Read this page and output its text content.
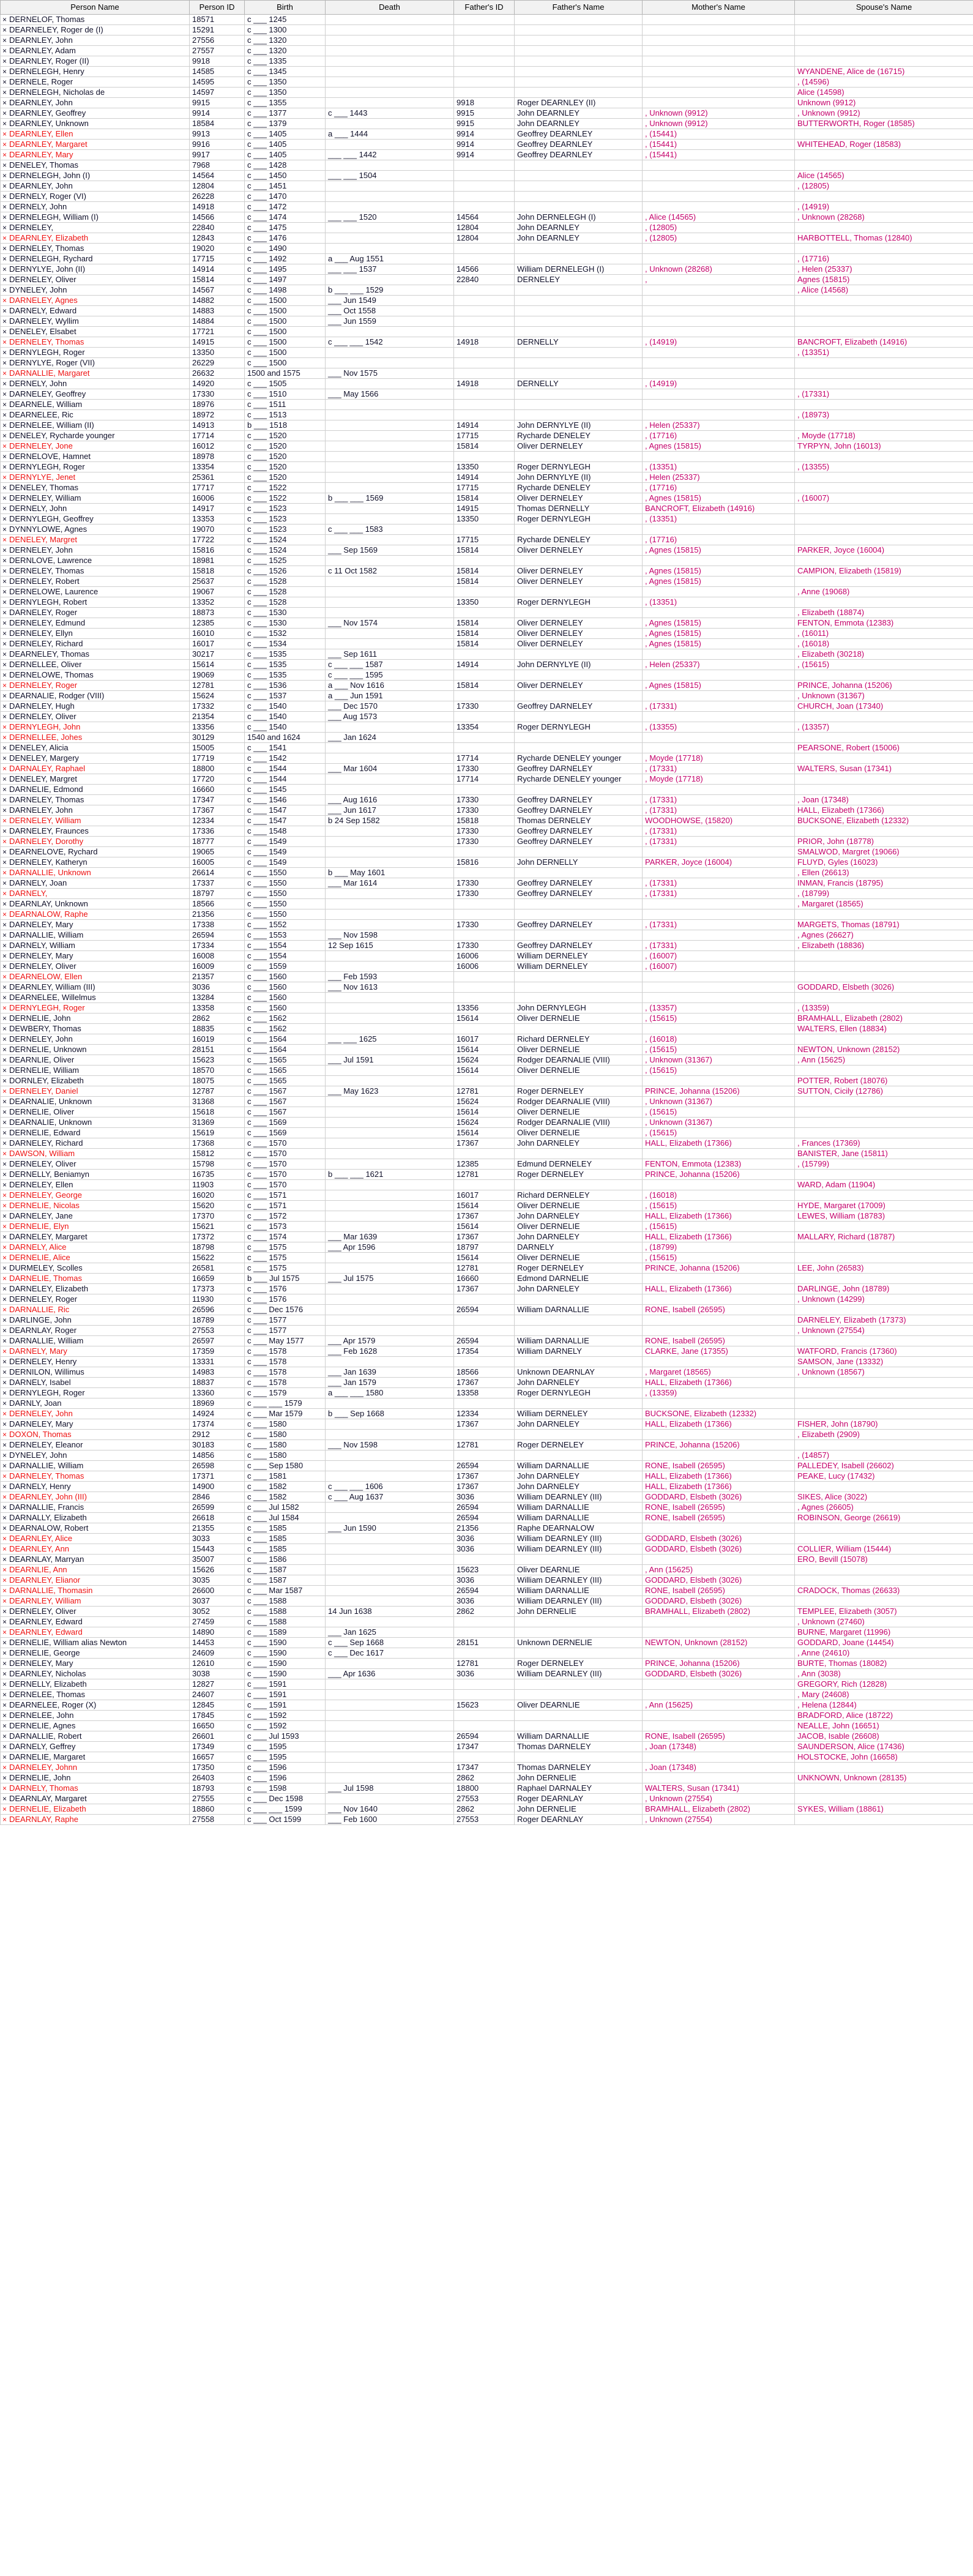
Person Name	Person ID	Birth	Death	Father's ID	Father's Name	Mother's Name	Spouse's Name

× DERNELOF, Thomas	18571	c ___ 1245					

× DEARNELEY, Roger de (I)	15291	c ___ 1300					

× DEARNLEY, John	27556	c ___ 1320					

× DEARNLEY, Adam	27557	c ___ 1320					

× DEARNLEY, Roger (II)	9918	c ___ 1335					

× DERNELEGH, Henry	14585	c ___ 1345					WYANDENE, Alice de (16715)

× DERNELE, Roger	14595	c ___ 1350					, (14596)

× DERNELEGH, Nicholas de	14597	c ___ 1350					Alice (14598)

× DEARNLEY, John	9915	c ___ 1355		9918	Roger DEARNLEY (II)		Unknown (9912)

× DEARNLEY, Geoffrey	9914	c ___ 1377	c ___ 1443	9915	John DEARNLEY	, Unknown (9912)	, Unknown (9912)

× DEARNLEY, Unknown	18584	c ___ 1379		9915	John DEARNLEY	, Unknown (9912)	BUTTERWORTH, Roger (18585)

× DEARNLEY, Ellen	9913	c ___ 1405	a ___ 1444	9914	Geoffrey DEARNLEY	, (15441)	

× DEARNLEY, Margaret	9916	c ___ 1405		9914	Geoffrey DEARNLEY	, (15441)	WHITEHEAD, Roger (18583)

× DEARNLEY, Mary	9917	c ___ 1405	___ ___ 1442	9914	Geoffrey DEARNLEY	, (15441)	

× DENELEY, Thomas	7968	c ___ 1428					

× DERNELEGH, John (I)	14564	c ___ 1450	___ ___ 1504				Alice (14565)

× DEARNLEY, John	12804	c ___ 1451					, (12805)

× DERNELY, Roger (VI)	26228	c ___ 1470					

× DERNELY, John	14918	c ___ 1472					, (14919)

× DERNELEGH, William (I)	14566	c ___ 1474	___ ___ 1520	14564	John DERNELEGH (I)	, Alice (14565)	, Unknown (28268)

× DERNELEY,	22840	c ___ 1475		12804	John DEARNLEY	, (12805)	

× DEARNLEY, Elizabeth	12843	c ___ 1476		12804	John DEARNLEY	, (12805)	HARBOTTELL, Thomas (12840)

× DERNELEY, Thomas	19020	c ___ 1490					

× DERNELEGH, Rychard	17715	c ___ 1492	a ___ Aug 1551				, (17716)

× DERNYLYE, John (II)	14914	c ___ 1495	___ ___ 1537	14566	William DERNELEGH (I)	, Unknown (28268)	, Helen (25337)

× DERNELEY, Oliver	15814	c ___ 1497		22840	DERNELEY	,	Agnes (15815)

× DYNELEY, John	14567	c ___ 1498	b ___ ___ 1529				, Alice (14568)

× DARNELEY, Agnes	14882	c ___ 1500	___ Jun 1549				

× DARNELY, Edward	14883	c ___ 1500	___ Oct 1558				

× DARNELEY, Wyllim	14884	c ___ 1500	___ Jun 1559				

× DENELEY, Elsabet	17721	c ___ 1500					

× DERNELEY, Thomas	14915	c ___ 1500	c ___ ___ 1542	14918	DERNELLY	, (14919)	BANCROFT, Elizabeth (14916)

× DERNYLEGH, Roger	13350	c ___ 1500					, (13351)

× DERNYLYE, Roger (VII)	26229	c ___ 1500					

× DARNALLIE, Margaret	26632	1500 and 1575	___ Nov 1575				

× DERNELY, John	14920	c ___ 1505		14918	DERNELLY	, (14919)	

× DARNELEY, Geoffrey	17330	c ___ 1510	___ May 1566				, (17331)

× DEARNELE, William	18976	c ___ 1511					

× DEARNELEE, Ric	18972	c ___ 1513					, (18973)

× DERNELEE, William (II)	14913	b ___ 1518		14914	John DERNYLYE (II)	, Helen (25337)	

× DENELEY, Rycharde younger	17714	c ___ 1520		17715	Rycharde DENELEY	, (17716)	, Moyde (17718)

× DERNELEY, Jone	16012	c ___ 1520		15814	Oliver DERNELEY	, Agnes (15815)	TYRPYN, John (16013)

× DERNELOVE, Hamnet	18978	c ___ 1520					

× DERNYLEGH, Roger	13354	c ___ 1520		13350	Roger DERNYLEGH	, (13351)	, (13355)

× DERNYLYE, Jenet	25361	c ___ 1520		14914	John DERNYLYE (II)	, Helen (25337)	

× DENELEY, Thomas	17717	c ___ 1522		17715	Rycharde DENELEY	, (17716)	

× DERNELEY, William	16006	c ___ 1522	b ___ ___ 1569	15814	Oliver DERNELEY	, Agnes (15815)	, (16007)

× DERNELY, John	14917	c ___ 1523		14915	Thomas DERNELLY	BANCROFT, Elizabeth (14916)	

× DERNYLEGH, Geoffrey	13353	c ___ 1523		13350	Roger DERNYLEGH	, (13351)	

× DYNNYLOWE, Agnes	19070	c ___ 1523	c ___ ___ 1583				

× DENELEY, Margret	17722	c ___ 1524		17715	Rycharde DENELEY	, (17716)	

× DERNELEY, John	15816	c ___ 1524	___ Sep 1569	15814	Oliver DERNELEY	, Agnes (15815)	PARKER, Joyce (16004)

× DERNLOVE, Lawrence	18981	c ___ 1525					

× DERNELEY, Thomas	15818	c ___ 1526	c 11 Oct 1582	15814	Oliver DERNELEY	, Agnes (15815)	CAMPION, Elizabeth (15819)

× DERNELEY, Robert	25637	c ___ 1528		15814	Oliver DERNELEY	, Agnes (15815)	

× DERNELOWE, Laurence	19067	c ___ 1528					, Anne (19068)

× DERNYLEGH, Robert	13352	c ___ 1528		13350	Roger DERNYLEGH	, (13351)	

× DARNELEY, Roger	18873	c ___ 1530					, Elizabeth (18874)

× DERNELEY, Edmund	12385	c ___ 1530	___ Nov 1574	15814	Oliver DERNELEY	, Agnes (15815)	FENTON, Emmota (12383)

× DERNELEY, Ellyn	16010	c ___ 1532		15814	Oliver DERNELEY	, Agnes (15815)	, (16011)

× DERNELEY, Richard	16017	c ___ 1534		15814	Oliver DERNELEY	, Agnes (15815)	, (16018)

× DEARNELEY, Thomas	30217	c ___ 1535	___ Sep 1611				, Elizabeth (30218)

× DERNELLEE, Oliver	15614	c ___ 1535	c ___ ___ 1587	14914	John DERNYLYE (II)	, Helen (25337)	, (15615)

× DERNELOWE, Thomas	19069	c ___ 1535	c ___ ___ 1595				

× DERNELEY, Roger	12781	c ___ 1536	a ___ Nov 1616	15814	Oliver DERNELEY	, Agnes (15815)	PRINCE, Johanna (15206)

× DEARNALIE, Rodger (VIII)	15624	c ___ 1537	a ___ Jun 1591				, Unknown (31367)

× DARNELEY, Hugh	17332	c ___ 1540	___ Dec 1570	17330	Geoffrey DARNELEY	, (17331)	CHURCH, Joan (17340)

× DERNELEY, Oliver	21354	c ___ 1540	___ Aug 1573				

× DERNYLEGH, John	13356	c ___ 1540		13354	Roger DERNYLEGH	, (13355)	, (13357)

× DERNELLEE, Johes	30129	1540 and 1624	___ Jan 1624				

× DENELEY, Alicia	15005	c ___ 1541					PEARSONE, Robert (15006)

× DENELEY, Margery	17719	c ___ 1542		17714	Rycharde DENELEY younger	, Moyde (17718)	

× DARNALEY, Raphael	18800	c ___ 1544	___ Mar 1604	17330	Geoffrey DARNELEY	, (17331)	WALTERS, Susan (17341)

× DENELEY, Margret	17720	c ___ 1544		17714	Rycharde DENELEY younger	, Moyde (17718)	

× DARNELIE, Edmond	16660	c ___ 1545					

× DARNELEY, Thomas	17347	c ___ 1546	___ Aug 1616	17330	Geoffrey DARNELEY	, (17331)	, Joan (17348)

× DARNELEY, John	17367	c ___ 1547	___ Jun 1617	17330	Geoffrey DARNELEY	, (17331)	HALL, Elizabeth (17366)

× DERNELEY, William	12334	c ___ 1547	b 24 Sep 1582	15818	Thomas DERNELEY	WOODHOWSE, (15820)	BUCKSONE, Elizabeth (12332)

× DARNELEY, Fraunces	17336	c ___ 1548		17330	Geoffrey DARNELEY	, (17331)	

× DARNELEY, Dorothy	18777	c ___ 1549		17330	Geoffrey DARNELEY	, (17331)	PRIOR, John (18778)

× DEARNELOVE, Rychard	19065	c ___ 1549					SMALWOD, Margret (19066)

× DERNELEY, Katheryn	16005	c ___ 1549		15816	John DERNELLY	PARKER, Joyce (16004)	FLUYD, Gyles (16023)

× DARNALLIE, Unknown	26614	c ___ 1550	b ___ May 1601				, Ellen (26613)

× DARNELY, Joan	17337	c ___ 1550	___ Mar 1614	17330	Geoffrey DARNELEY	, (17331)	INMAN, Francis (18795)

× DARNELY,	18797	c ___ 1550		17330	Geoffrey DARNELEY	, (17331)	, (18799)

× DEARNLAY, Unknown	18566	c ___ 1550					, Margaret (18565)

× DEARNALOW, Raphe	21356	c ___ 1550					

× DARNELEY, Mary	17338	c ___ 1552		17330	Geoffrey DARNELEY	, (17331)	MARGETS, Thomas (18791)

× DARNALLIE, William	26594	c ___ 1553	___ Nov 1598				, Agnes (26627)

× DARNELY, William	17334	c ___ 1554	12 Sep 1615	17330	Geoffrey DARNELEY	, (17331)	, Elizabeth (18836)

× DERNELEY, Mary	16008	c ___ 1554		16006	William DERNELEY	, (16007)	

× DERNELEY, Oliver	16009	c ___ 1559		16006	William DERNELEY	, (16007)	

× DEARNELOW, Ellen	21357	c ___ 1560	___ Feb 1593				

× DEARNLEY, William (III)	3036	c ___ 1560	___ Nov 1613				GODDARD, Elsbeth (3026)

× DEARNELEE, Willelmus	13284	c ___ 1560					

× DERNYLEGH, Roger	13358	c ___ 1560		13356	John DERNYLEGH	, (13357)	, (13359)

× DERNELIE, John	2862	c ___ 1562		15614	Oliver DERNELIE	, (15615)	BRAMHALL, Elizabeth (2802)

× DEWBERY, Thomas	18835	c ___ 1562					WALTERS, Ellen (18834)

× DERNELEY, John	16019	c ___ 1564	___ ___ 1625	16017	Richard DERNELEY	, (16018)	

× DERNELIE, Unknown	28151	c ___ 1564		15614	Oliver DERNELIE	, (15615)	NEWTON, Unknown (28152)

× DEARNLIE, Oliver	15623	c ___ 1565	___ Jul 1591	15624	Rodger DEARNALIE (VIII)	, Unknown (31367)	, Ann (15625)

× DERNELIE, William	18570	c ___ 1565		15614	Oliver DERNELIE	, (15615)	

× DORNLEY, Elizabeth	18075	c ___ 1565					POTTER, Robert (18076)

× DERNELEY, Daniel	12787	c ___ 1567	___ May 1623	12781	Roger DERNELEY	PRINCE, Johanna (15206)	SUTTON, Cicily (12786)

× DEARNALIE, Unknown	31368	c ___ 1567		15624	Rodger DEARNALIE (VIII)	, Unknown (31367)	

× DERNELIE, Oliver	15618	c ___ 1567		15614	Oliver DERNELIE	, (15615)	

× DEARNALIE, Unknown	31369	c ___ 1569		15624	Rodger DEARNALIE (VIII)	, Unknown (31367)	

× DERNELIE, Edward	15619	c ___ 1569		15614	Oliver DERNELIE	, (15615)	

× DARNELEY, Richard	17368	c ___ 1570		17367	John DARNELEY	HALL, Elizabeth (17366)	, Frances (17369)

× DAWSON, William	15812	c ___ 1570					BANISTER, Jane (15811)

× DERNELEY, Oliver	15798	c ___ 1570		12385	Edmund DERNELEY	FENTON, Emmota (12383)	, (15799)

× DERNELLY, Beniamyn	16735	c ___ 1570	b ___ ___ 1621	12781	Roger DERNELEY	PRINCE, Johanna (15206)	

× DERNELEY, Ellen	11903	c ___ 1570					WARD, Adam (11904)

× DERNELEY, George	16020	c ___ 1571		16017	Richard DERNELEY	, (16018)	

× DERNELIE, Nicolas	15620	c ___ 1571		15614	Oliver DERNELIE	, (15615)	HYDE, Margaret (17009)

× DARNELEY, Jane	17370	c ___ 1572		17367	John DARNELEY	HALL, Elizabeth (17366)	LEWES, William (18783)

× DERNELIE, Elyn	15621	c ___ 1573		15614	Oliver DERNELIE	, (15615)	

× DARNELEY, Margaret	17372	c ___ 1574	___ Mar 1639	17367	John DARNELEY	HALL, Elizabeth (17366)	MALLARY, Richard (18787)

× DARNELY, Alice	18798	c ___ 1575	___ Apr 1596	18797	DARNELY	, (18799)	

× DERNELIE, Alice	15622	c ___ 1575		15614	Oliver DERNELIE	, (15615)	

× DURMELEY, Scolles	26581	c ___ 1575		12781	Roger DERNELEY	PRINCE, Johanna (15206)	LEE, John (26583)

× DARNELIE, Thomas	16659	b ___ Jul 1575	___ Jul 1575	16660	Edmond DARNELIE		

× DARNELEY, Elizabeth	17373	c ___ 1576		17367	John DARNELEY	HALL, Elizabeth (17366)	DARLINGE, John (18789)

× DERNELEY, Roger	11930	c ___ 1576					, Unknown (14299)

× DARNALLIE, Ric	26596	c ___ Dec 1576		26594	William DARNALLIE	RONE, Isabell (26595)	

× DARLINGE, John	18789	c ___ 1577					DARNELEY, Elizabeth (17373)

× DEARNLAY, Roger	27553	c ___ 1577					, Unknown (27554)

× DARNALLIE, William	26597	c ___ May 1577	___ Apr 1579	26594	William DARNALLIE	RONE, Isabell (26595)	

× DARNELY, Mary	17359	c ___ 1578	___ Feb 1628	17354	William DARNELY	CLARKE, Jane (17355)	WATFORD, Francis (17360)

× DERNELEY, Henry	13331	c ___ 1578					SAMSON, Jane (13332)

× DERNILON, Willimus	14983	c ___ 1578	___ Jan 1639	18566	Unknown DEARNLAY	, Margaret (18565)	, Unknown (18567)

× DARNELY, Isabel	18837	c ___ 1578	___ Jan 1579	17367	John DARNELEY	HALL, Elizabeth (17366)	

× DERNYLEGH, Roger	13360	c ___ 1579	a ___ ___ 1580	13358	Roger DERNYLEGH	, (13359)	

× DARNLY, Joan	18969	c ___ ___ 1579					

× DERNELEY, John	14924	c ___ Mar 1579	b ___ Sep 1668	12334	William DERNELEY	BUCKSONE, Elizabeth (12332)	

× DARNELEY, Mary	17374	c ___ 1580		17367	John DARNELEY	HALL, Elizabeth (17366)	FISHER, John (18790)

× DOXON, Thomas	2912	c ___ 1580					, Elizabeth (2909)

× DERNELEY, Eleanor	30183	c ___ 1580	___ Nov 1598	12781	Roger DERNELEY	PRINCE, Johanna (15206)	

× DYNELEY, John	14856	c ___ 1580					, (14857)

× DARNALLIE, William	26598	c ___ Sep 1580		26594	William DARNALLIE	RONE, Isabell (26595)	PALLEDEY, Isabell (26602)

× DARNELEY, Thomas	17371	c ___ 1581		17367	John DARNELEY	HALL, Elizabeth (17366)	PEAKE, Lucy (17432)

× DARNELY, Henry	14900	c ___ 1582	c ___ ___ 1606	17367	John DARNELEY	HALL, Elizabeth (17366)	

× DEARNLEY, John (III)	2846	c ___ 1582	c ___ Aug 1637	3036	William DEARNLEY (III)	GODDARD, Elsbeth (3026)	SIKES, Alice (3022)

× DARNALLIE, Francis	26599	c ___ Jul 1582		26594	William DARNALLIE	RONE, Isabell (26595)	, Agnes (26605)

× DARNALLY, Elizabeth	26618	c ___ Jul 1584		26594	William DARNALLIE	RONE, Isabell (26595)	ROBINSON, George (26619)

× DEARNALOW, Robert	21355	c ___ 1585	___ Jun 1590	21356	Raphe DEARNALOW		

× DEARNLEY, Alice	3033	c ___ 1585		3036	William DEARNLEY (III)	GODDARD, Elsbeth (3026)	

× DEARNLEY, Ann	15443	c ___ 1585		3036	William DEARNLEY (III)	GODDARD, Elsbeth (3026)	COLLIER, William (15444)

× DEARNLAY, Marryan	35007	c ___ 1586					ERO, Bevill (15078)

× DEARNLIE, Ann	15626	c ___ 1587		15623	Oliver DEARNLIE	, Ann (15625)	

× DEARNLEY, Elianor	3035	c ___ 1587		3036	William DEARNLEY (III)	GODDARD, Elsbeth (3026)	

× DARNALLIE, Thomasin	26600	c ___ Mar 1587		26594	William DARNALLIE	RONE, Isabell (26595)	CRADOCK, Thomas (26633)

× DEARNLEY, William	3037	c ___ 1588		3036	William DEARNLEY (III)	GODDARD, Elsbeth (3026)	

× DERNELEY, Oliver	3052	c ___ 1588	14 Jun 1638	2862	John DERNELIE	BRAMHALL, Elizabeth (2802)	TEMPLEE, Elizabeth (3057)

× DEARNLEY, Edward	27459	c ___ 1588					, Unknown (27460)

× DEARNLEY, Edward	14890	c ___ 1589	___ Jan 1625				BURNE, Margaret (11996)

× DERNELIE, William alias Newton	14453	c ___ 1590	c ___ Sep 1668	28151	Unknown DERNELIE	NEWTON, Unknown (28152)	GODDARD, Joane (14454)

× DERNELIE, George	24609	c ___ 1590	c ___ Dec 1617				, Anne (24610)

× DERNELEY, Mary	12610	c ___ 1590		12781	Roger DERNELEY	PRINCE, Johanna (15206)	BURTE, Thomas (18082)

× DEARNLEY, Nicholas	3038	c ___ 1590	___ Apr 1636	3036	William DEARNLEY (III)	GODDARD, Elsbeth (3026)	, Ann (3038)

× DERNELLY, Elizabeth	12827	c ___ 1591					GREGORY, Rich (12828)

× DERNELEE, Thomas	24607	c ___ 1591					, Mary (24608)

× DEARNELEE, Roger (X)	12845	c ___ 1591		15623	Oliver DEARNLIE	, Ann (15625)	, Helena (12844)

× DERNELEE, John	17845	c ___ 1592					BRADFORD, Alice (18722)

× DERNELIE, Agnes	16650	c ___ 1592					NEALLE, John (16651)

× DARNALLIE, Robert	26601	c ___ Jul 1593		26594	William DARNALLIE	RONE, Isabell (26595)	JACOB, Isable (26608)

× DARNELY, Geffrey	17349	c ___ 1595		17347	Thomas DARNELEY	, Joan (17348)	SAUNDERSON, Alice (17436)

× DARNELIE, Margaret	16657	c ___ 1595					HOLSTOCKE, John (16658)

× DARNELEY, Johnn	17350	c ___ 1596		17347	Thomas DARNELEY	, Joan (17348)	

× DERNELIE, John	26403	c ___ 1596		2862	John DERNELIE		UNKNOWN, Unknown (28135)

× DARNELY, Thomas	18793	c ___ 1598	___ Jul 1598	18800	Raphael DARNALEY	WALTERS, Susan (17341)	

× DEARNLAY, Margaret	27555	c ___ Dec 1598		27553	Roger DEARNLAY	, Unknown (27554)	

× DERNELIE, Elizabeth	18860	c ___ ___ 1599	___ Nov 1640	2862	John DERNELIE	BRAMHALL, Elizabeth (2802)	SYKES, William (18861)

× DEARNLAY, Raphe	27558	c ___ Oct 1599	___ Feb 1600	27553	Roger DEARNLAY	, Unknown (27554)	
